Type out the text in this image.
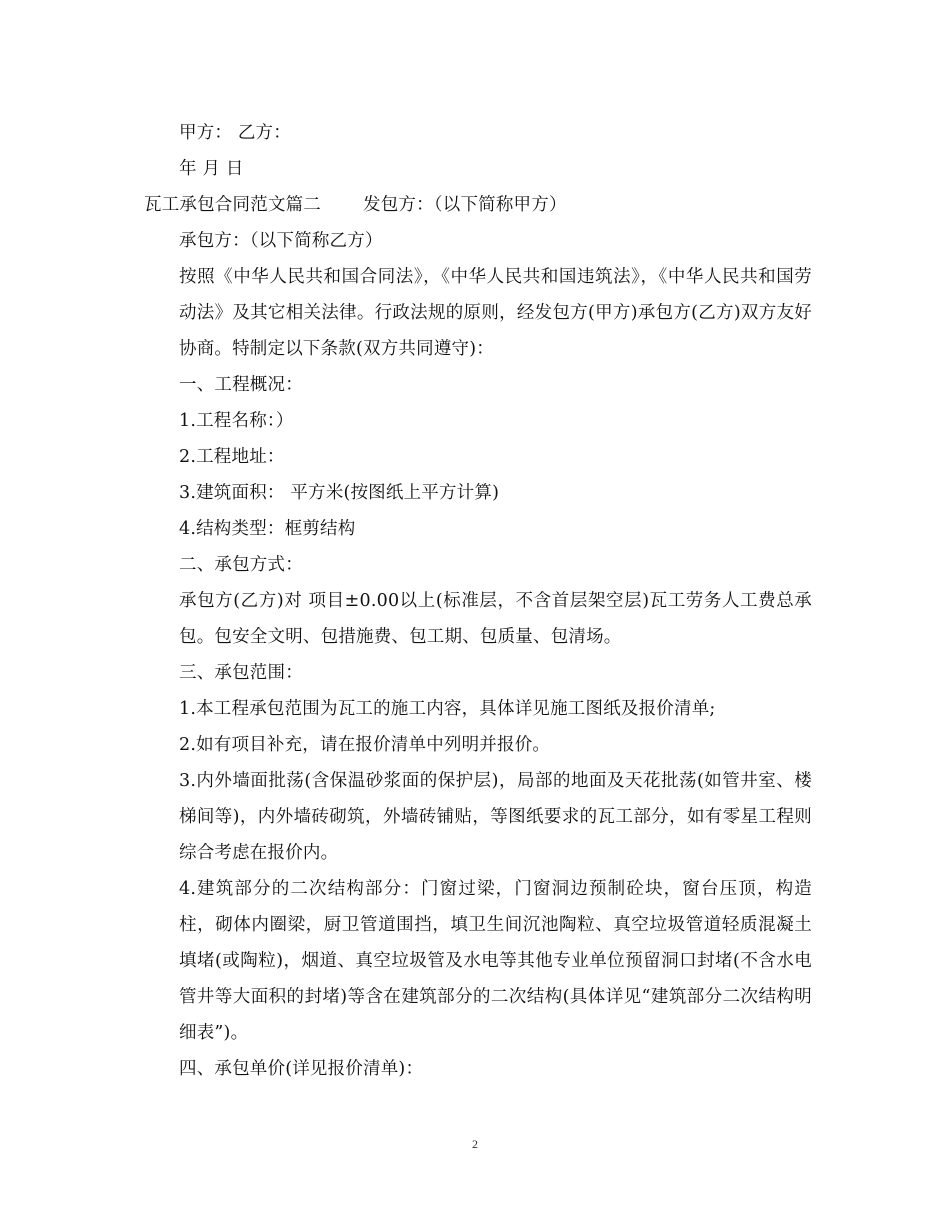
甲方： 乙方：
年 月 日
瓦工承包合同范文篇二 发包方：（以下简称甲方）
承包方：（以下简称乙方）
按照《中华人民共和国合同法》，《中华人民共和国违筑法》，《中华人民共和国劳动法》及其它相关法律。行政法规的原则，经发包方(甲方)承包方(乙方)双方友好协商。特制定以下条款(双方共同遵守)：
一、工程概况：
1.工程名称：）
2.工程地址：
3.建筑面积： 平方米(按图纸上平方计算)
4.结构类型：框剪结构
二、承包方式：
承包方(乙方)对 项目±0.00以上(标准层，不含首层架空层)瓦工劳务人工费总承包。包安全文明、包措施费、包工期、包质量、包清场。
三、承包范围：
1.本工程承包范围为瓦工的施工内容，具体详见施工图纸及报价清单;
2.如有项目补充，请在报价清单中列明并报价。
3.内外墙面批荡(含保温砂浆面的保护层)，局部的地面及天花批荡(如管井室、楼梯间等)，内外墙砖砌筑，外墙砖铺贴，等图纸要求的瓦工部分，如有零星工程则综合考虑在报价内。
4.建筑部分的二次结构部分：门窗过梁，门窗洞边预制砼块，窗台压顶，构造柱，砌体内圈梁，厨卫管道围挡，填卫生间沉池陶粒、真空垃圾管道轻质混凝土填堵(或陶粒)，烟道、真空垃圾管及水电等其他专业单位预留洞口封堵(不含水电管井等大面积的封堵)等含在建筑部分的二次结构(具体详见“建筑部分二次结构明细表”)。
四、承包单价(详见报价清单)：
2
